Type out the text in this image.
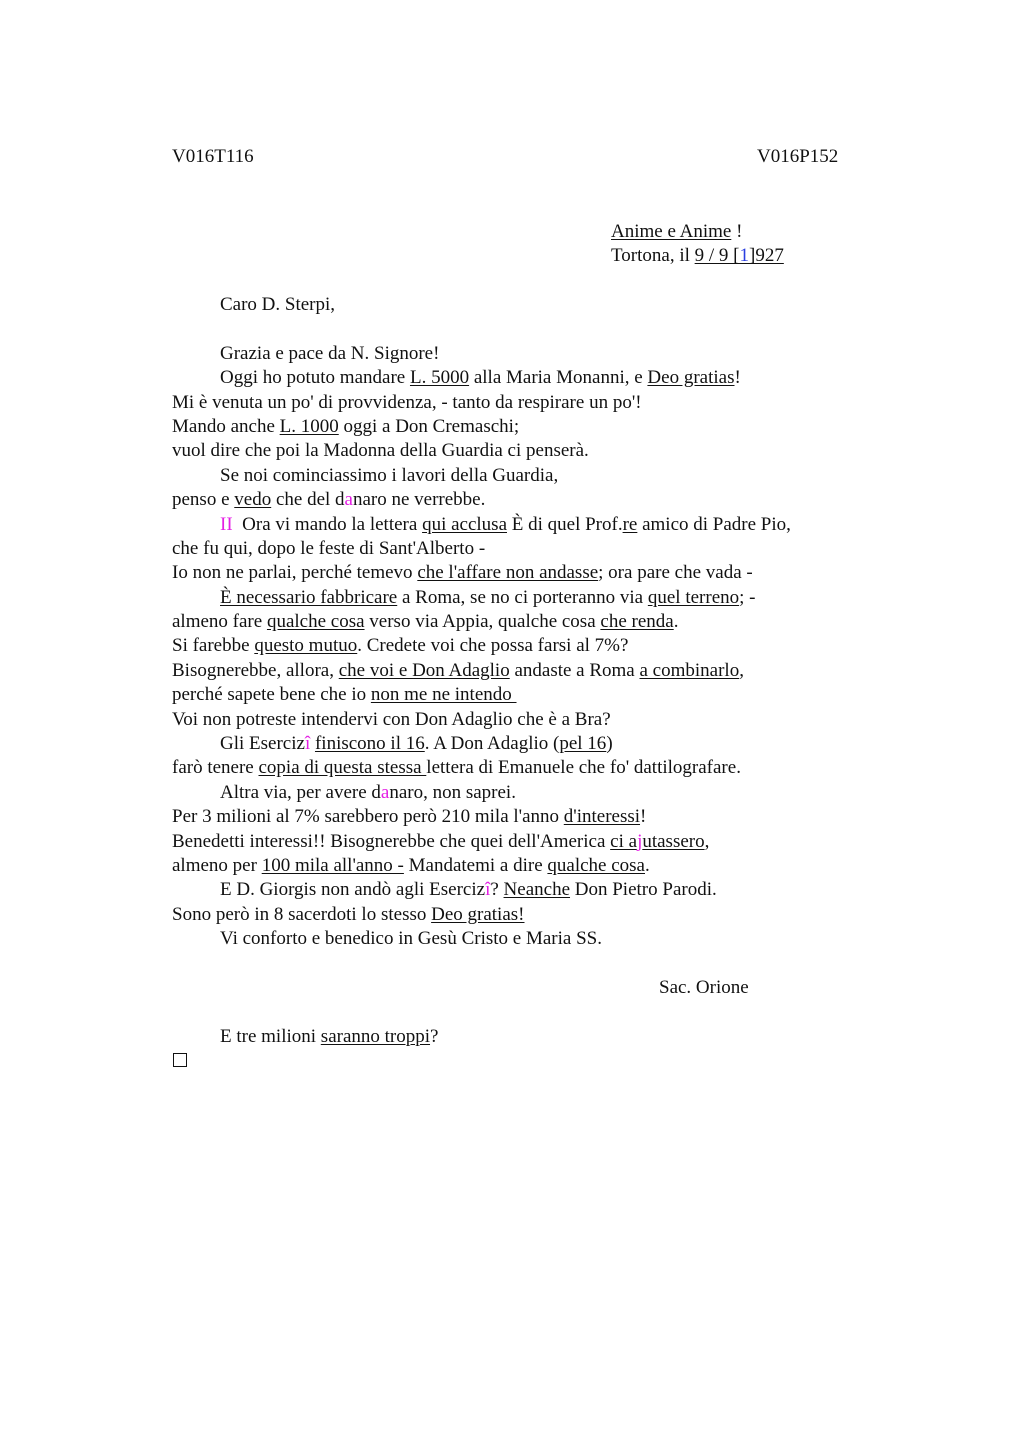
V016T116	V016P152
Anime e Anime !
Tortona, il 9 / 9 [1]927
Caro D. Sterpi,
Grazia e pace da N. Signore!
Oggi ho potuto mandare L. 5000 alla Maria Monanni, e Deo gratias!
Mi è venuta un po' di provvidenza, - tanto da respirare un po'!
Mando anche L. 1000 oggi a Don Cremaschi;
vuol dire che poi la Madonna della Guardia ci penserà.
Se noi cominciassimo i lavori della Guardia,
penso e vedo che del danaro ne verrebbe.
II  Ora vi mando la lettera qui acclusa È di quel Prof.re amico di Padre Pio,
che fu qui, dopo le feste di Sant'Alberto -
Io non ne parlai, perché temevo che l'affare non andasse; ora pare che vada -
È necessario fabbricare a Roma, se no ci porteranno via quel terreno; -
almeno fare qualche cosa verso via Appia, qualche cosa che renda.
Si farebbe questo mutuo. Credete voi che possa farsi al 7%?
Bisognerebbe, allora, che voi e Don Adaglio andaste a Roma a combinarlo,
perché sapete bene che io non me ne intendo
Voi non potreste intendervi con Don Adaglio che è a Bra?
Gli Esercizî finiscono il 16. A Don Adaglio (pel 16)
farò tenere copia di questa stessa lettera di Emanuele che fo' dattilografare.
Altra via, per avere danaro, non saprei.
Per 3 milioni al 7% sarebbero però 210 mila l'anno d'interessi!
Benedetti interessi!! Bisognerebbe che quei dell'America ci ajutassero,
almeno per 100 mila all'anno - Mandatemi a dire qualche cosa.
E D. Giorgis non andò agli Esercizî? Neanche Don Pietro Parodi.
Sono però in 8 sacerdoti lo stesso Deo gratias!
Vi conforto e benedico in Gesù Cristo e Maria SS.
Sac. Orione
E tre milioni saranno troppi?
